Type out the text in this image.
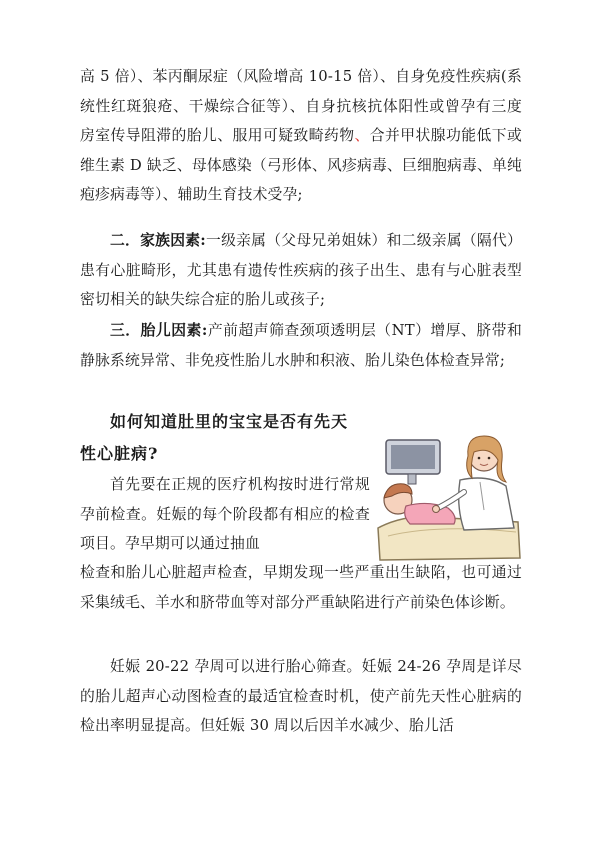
高 5 倍）、苯丙酮尿症（风险增高 10-15 倍）、自身免疫性疾病(系统性红斑狼疮、干燥综合征等）、自身抗核抗体阳性或曾孕有三度房室传导阻滞的胎儿、服用可疑致畸药物、合并甲状腺功能低下或维生素 D 缺乏、母体感染（弓形体、风疹病毒、巨细胞病毒、单纯疱疹病毒等）、辅助生育技术受孕;
二．家族因素:一级亲属（父母兄弟姐妹）和二级亲属（隔代）患有心脏畸形，尤其患有遗传性疾病的孩子出生、患有与心脏表型密切相关的缺失综合症的胎儿或孩子;
三．胎儿因素:产前超声筛查颈项透明层（NT）增厚、脐带和静脉系统异常、非免疫性胎儿水肿和积液、胎儿染色体检查异常;
如何知道肚里的宝宝是否有先天
性心脏病?
首先要在正规的医疗机构按时进行常规孕前检查。妊娠的每个阶段都有相应的检查项目。孕早期可以通过抽血
检查和胎儿心脏超声检查，早期发现一些严重出生缺陷，也可通过采集绒毛、羊水和脐带血等对部分严重缺陷进行产前染色体诊断。
妊娠 20-22 孕周可以进行胎心筛查。妊娠 24-26 孕周是详尽的胎儿超声心动图检查的最适宜检查时机，使产前先天性心脏病的检出率明显提高。但妊娠 30 周以后因羊水减少、胎儿活
